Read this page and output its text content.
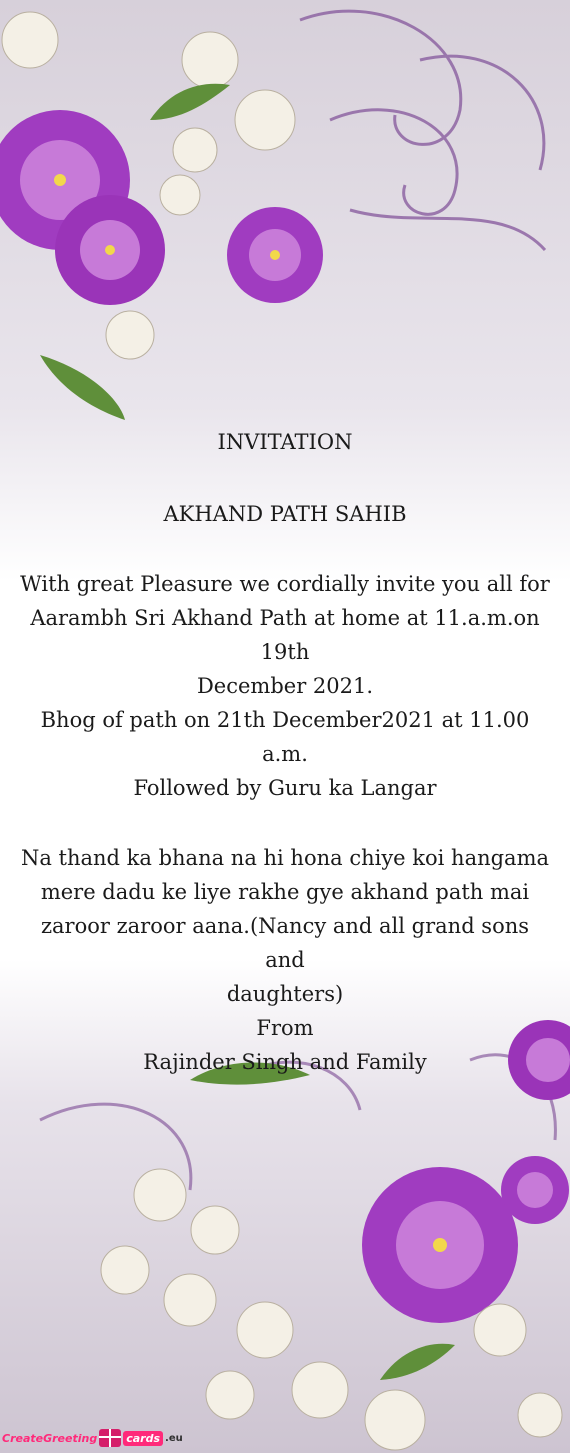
INVITATION

AKHAND PATH SAHIB

With great Pleasure we cordially invite you all for
Aarambh Sri Akhand Path at home at 11.a.m.on 19th
December 2021.
Bhog of path on 21th December2021 at 11.00 a.m.
Followed by Guru ka Langar

Na thand ka bhana na hi hona chiye koi hangama
mere dadu ke liye rakhe gye akhand path mai
zaroor zaroor aana.(Nancy and all grand sons and
daughters)

From

Rajinder Singh and Family

CreateGreeting	cards .eu
